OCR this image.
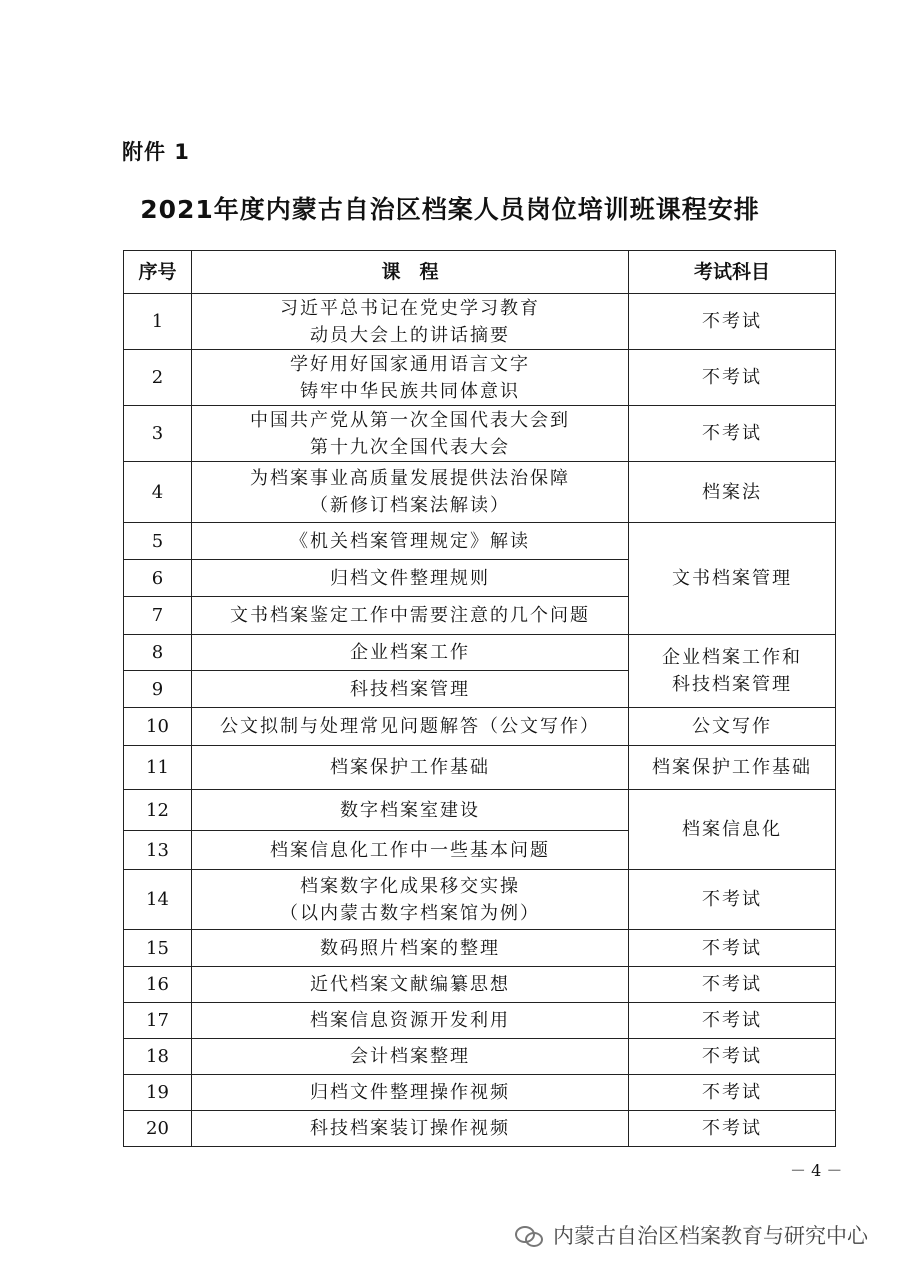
附件 1
2021年度内蒙古自治区档案人员岗位培训班课程安排
序号	课　程	考试科目
1	习近平总书记在党史学习教育
动员大会上的讲话摘要	不考试
2	学好用好国家通用语言文字
铸牢中华民族共同体意识	不考试
3	中国共产党从第一次全国代表大会到
第十九次全国代表大会	不考试
4	为档案事业高质量发展提供法治保障
（新修订档案法解读）	档案法
5	《机关档案管理规定》解读	文书档案管理
6	归档文件整理规则	
7	文书档案鉴定工作中需要注意的几个问题	
8	企业档案工作	企业档案工作和
科技档案管理

9	科技档案管理	
10	公文拟制与处理常见问题解答（公文写作）	公文写作
11	档案保护工作基础	档案保护工作基础
12	数字档案室建设	档案信息化
13	档案信息化工作中一些基本问题	
14	档案数字化成果移交实操
（以内蒙古数字档案馆为例）	不考试
15	数码照片档案的整理	不考试
16	近代档案文献编纂思想	不考试
17	档案信息资源开发利用	不考试
18	会计档案整理	不考试
19	归档文件整理操作视频	不考试
20	科技档案装订操作视频	不考试
－ 4 －
内蒙古自治区档案教育与研究中心
